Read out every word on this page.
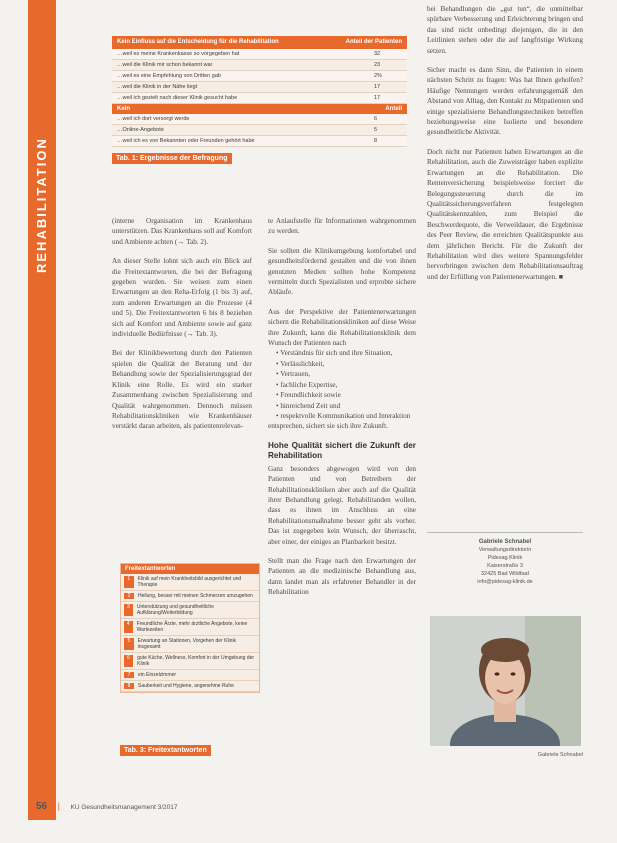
Kein Einfluss auf die Entscheidung für die Rehabilitation	Anteil der Patienten
…weil es meine Krankenkasse so vorgegeben hat	32
…weil die Klinik mir schon bekannt war	23
…weil es eine Empfehlung von Dritten gab	2%
…weil die Klinik in der Nähe liegt	17
…weil ich gezielt nach dieser Klinik gesucht habe	17
Kein	Anteil
…weil ich dort versorgt werde	6
…Online-Angebote	5
…weil ich es von Bekannten oder Freunden gehört habe	8
Tab. 1: Ergebnisse der Befragung

(interne Organisation im Krankenhaus unterstützen. Das Krankenhaus soll auf Komfort und Ambiente achten (→ Tab. 2).

An dieser Stelle lohnt sich auch ein Blick auf die Freitextantworten, die bei der Befragung gegeben wurden. Sie weisen zum einen Erwartungen an den Reha-Erfolg (1 bis 3) auf, zum anderen Erwartungen an die Prozesse (4 und 5). Die Freitextantworten 6 bis 8 beziehen sich auf Komfort und Ambiente sowie auf ganz individuelle Bedürfnisse (→ Tab. 3).

Bei der Klinikbewertung durch den Patienten spielen die Qualität der Beratung und der Behandlung sowie der Spezialisierungsgrad der Klinik eine Rolle. Es wird ein starker Zusammenhang zwischen Spezialisierung und Qualität wahrgenommen. Dennoch müssen Rehabilitationskliniken wie Krankenhäuser verstärkt daran arbeiten, als patientenrelevan-

Freitextantworten
1	Klinik auf mein Krankheitsbild ausgerichtet und Therapie
2	Heilung, besser mit meinen Schmerzen umzugehen
3	Unterstützung und gesundheitliche Aufklärung/Weiterbildung
4	Freundliche Ärzte, mehr ärztliche Angebote, keine Wartezeiten
5	Erwartung an Stationen, Vorgehen der Klinik insgesamt
6	gute Küche, Wellness, Komfort in der Umgebung der Klinik
7	ein Einzelzimmer
8	Sauberkeit und Hygiene, angenehme Ruhe
Tab. 3: Freitextantworten

te Anlaufstelle für Informationen wahrgenommen zu werden.

Sie sollten die Klinikumgebung komfortabel und gesundheitsfördernd gestalten und die von ihnen genutzten Medien sollten hohe Kompetenz vermitteln durch Spezialisten und erprobte sichere Abläufe.

Aus der Perspektive der Patientenerwartungen sichern die Rehabilitationskliniken auf diese Weise ihre Zukunft, kann die Rehabilitationsklinik dem Wunsch der Patienten nach

• Verständnis für sich und ihre Situation,
• Verlässlichkeit,
• Vertrauen,
• fachliche Expertise,
• Freundlichkeit sowie
• hinreichend Zeit und
• respektvolle Kommunikation und Interaktion

entsprechen, sichert sie sich ihre Zukunft.

Hohe Qualität sichert die Zukunft der Rehabilitation

Ganz besonders abgewogen wird von den Patienten und von Betreibern der Rehabilitationskliniken aber auch auf die Qualität ihrer Behandlung gelegt. Rehabilitanden wollen, dass es ihnen im Anschluss an eine Rehabilitationsmaßnahme besser geht als vorher. Das ist zugegeben kein Wunsch, der überrascht, aber einer, der einiges an Planbarkeit besitzt.

Stellt man die Frage nach den Erwartungen der Patienten an die medizinische Behandlung aus, dann landet man als erfahrener Behandler in der Rehabilitation

bei Behandlungen die „gut tun“, die unmittelbar spürbare Verbesserung und Erleichterung bringen und das sind nicht unbedingt diejenigen, die in den Leitlinien stehen oder die auf langfristige Wirkung setzen.

Sicher macht es dann Sinn, die Patienten in einem nächsten Schritt zu fragen: Was hat Ihnen geholfen? Häufige Nennungen werden erfahrungsgemäß den Abstand von Alltag, den Kontakt zu Mitpatienten und einige spezialisierte Behandlungstechniken betreffen beziehungsweise eine Isolierte und besondere gesundheitliche Aktivität.

Doch nicht nur Patienten haben Erwartungen an die Rehabilitation, auch die Zuweisträger haben explizite Erwartungen an die Rehabilitation. Die Rentenversicherung beispielsweise forciert die Belegungssteuerung durch die im Qualitätssicherungsverfahren festgelegten Qualitätskennzahlen, zum Beispiel die Beschwerdequote, die Verweildauer, die Ergebnisse des Peer Review, die erreichten Qualitätspunkte aus dem jährlichen Bericht. Für die Zukunft der Rehabilitation wird dies weitere Spannungsfelder hervorbringen zwischen dem Rehabilitationsauftrag und der Erfüllung von Patientenerwartungen. ■

Gabriele Schnabel
Verwaltungsdirektorin
Pidesag Klinik
Kaiserstraße 3
32425 Bad Wildbad
info@pidesag-klinik.de
Gabriele Schnabel
56 | KU Gesundheitsmanagement 3/2017
